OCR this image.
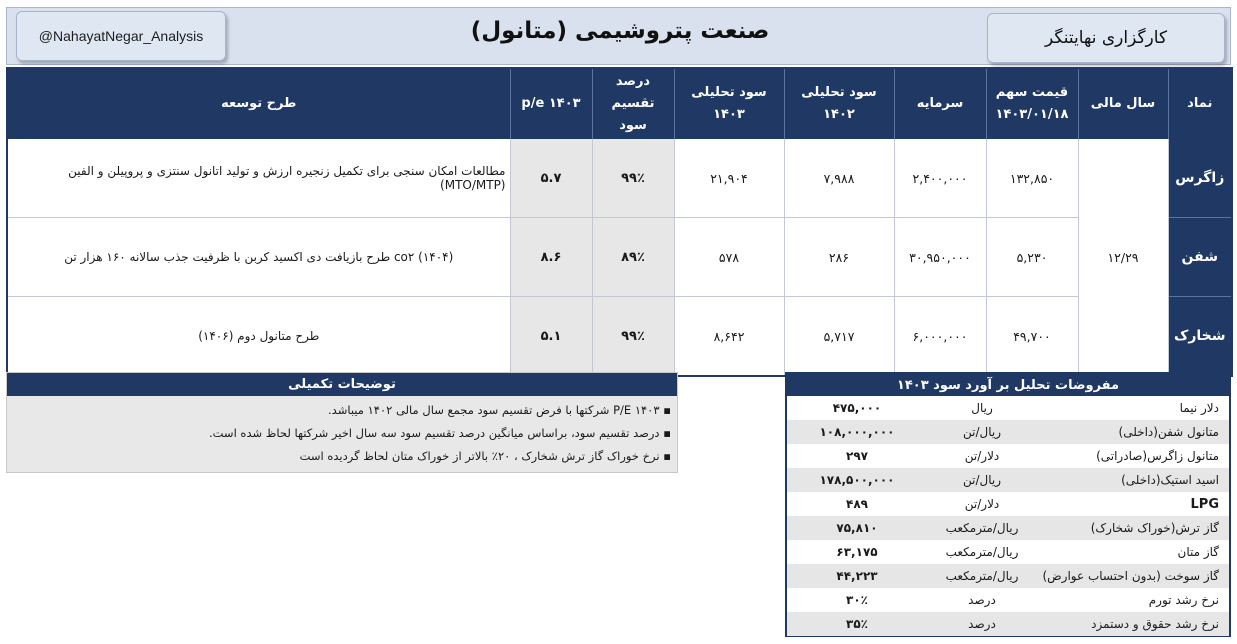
@NahayatNegar_Analysis	صنعت پتروشیمی (متانول)	کارگزاری نهایتنگر
طرح توسعه	p/e ۱۴۰۳	درصد تقسیم سود	سود تحلیلی ۱۴۰۳	سود تحلیلی ۱۴۰۲	سرمایه	قیمت سهم ۱۴۰۳/۰۱/۱۸	سال مالی	نماد
مطالعات امکان سنجی برای تکمیل زنجیره ارزش و تولید اتانول سنتزی و پروپیلن و الفین (MTO/MTP)	۵.۷	۹۹٪	۲۱,۹۰۴	۷,۹۸۸	۲,۴۰۰,۰۰۰	۱۳۲,۸۵۰	۱۲/۲۹	زاگرس
طرح بازیافت دی اکسید کربن با ظرفیت جذب سالانه ۱۶۰ هزار تن co۲ (۱۴۰۴)	۸.۶	۸۹٪	۵۷۸	۲۸۶	۳۰,۹۵۰,۰۰۰	۵,۲۳۰		شفن
طرح متانول دوم (۱۴۰۶)	۵.۱	۹۹٪	۸,۶۴۲	۵,۷۱۷	۶,۰۰۰,۰۰۰	۴۹,۷۰۰		شخارک
توضیحات تکمیلی
▪ P/E ۱۴۰۳ شرکتها با فرض تقسیم سود مجمع سال مالی ۱۴۰۲ میباشد.
▪ درصد تقسیم سود، براساس میانگین درصد تقسیم سود سه سال اخیر شرکتها لحاظ شده است.
▪ نرخ خوراک گاز ترش شخارک ، ۲۰٪ بالاتر از خوراک متان لحاظ گردیده است
مفروضات تحلیل بر آورد سود ۱۴۰۳
۴۷۵,۰۰۰	ریال	دلار نیما
۱۰۸,۰۰۰,۰۰۰	ریال/تن	متانول شفن(داخلی)
۲۹۷	دلار/تن	متانول زاگرس(صادراتی)
۱۷۸,۵۰۰,۰۰۰	ریال/تن	اسید استیک(داخلی)
۴۸۹	دلار/تن	LPG
۷۵,۸۱۰	ریال/مترمکعب	گاز ترش(خوراک شخارک)
۶۳,۱۷۵	ریال/مترمکعب	گاز متان
۴۴,۲۲۳	ریال/مترمکعب	گاز سوخت (بدون احتساب عوارض)
۳۰٪	درصد	نرخ رشد تورم
۳۵٪	درصد	نرخ رشد حقوق و دستمزد
